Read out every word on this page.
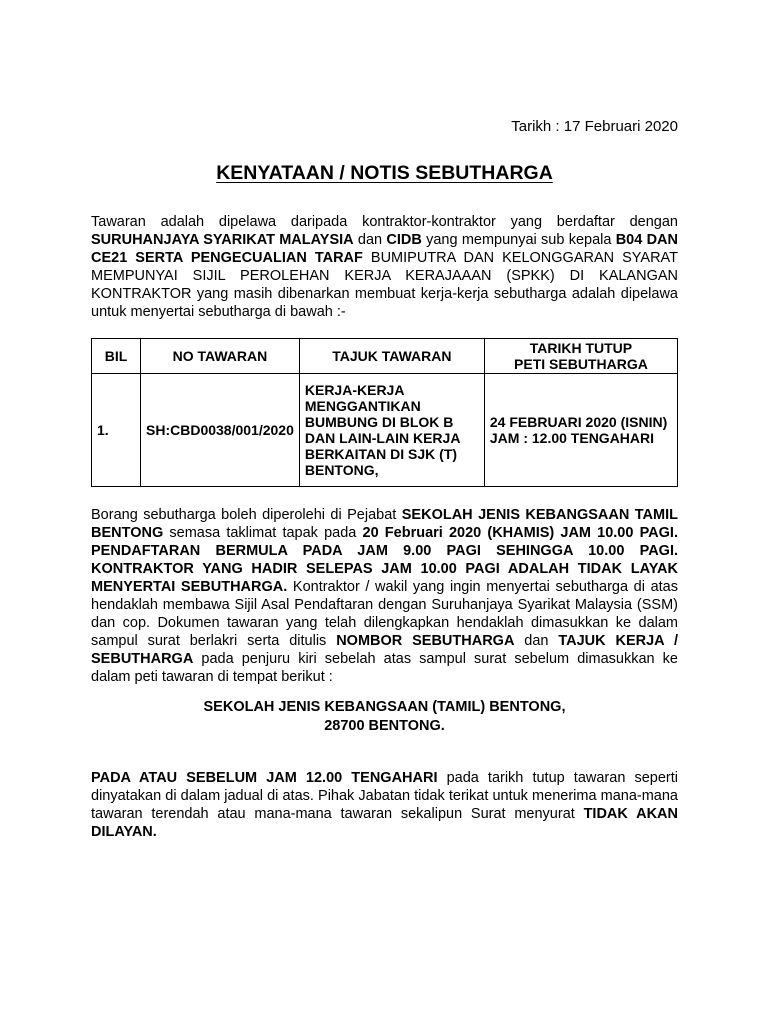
Tarikh : 17 Februari 2020
KENYATAAN / NOTIS SEBUTHARGA

Tawaran adalah dipelawa daripada kontraktor-kontraktor yang berdaftar dengan SURUHANJAYA SYARIKAT MALAYSIA dan CIDB yang mempunyai sub kepala B04 DAN CE21 SERTA PENGECUALIAN TARAF BUMIPUTRA DAN KELONGGARAN SYARAT MEMPUNYAI SIJIL PEROLEHAN KERJA KERAJAAAN (SPKK) DI KALANGAN KONTRAKTOR yang masih dibenarkan membuat kerja-kerja sebutharga adalah dipelawa untuk menyertai sebutharga di bawah :-

BIL	NO TAWARAN	TAJUK TAWARAN	TARIKH TUTUP
PETI SEBUTHARGA

1.	SH:CBD0038/001/2020	KERJA-KERJA MENGGANTIKAN BUMBUNG DI BLOK B DAN LAIN-LAIN KERJA BERKAITAN DI SJK (T) BENTONG,	24 FEBRUARI 2020 (ISNIN)
JAM : 12.00 TENGAHARI

Borang sebutharga boleh diperolehi di Pejabat SEKOLAH JENIS KEBANGSAAN TAMIL BENTONG semasa taklimat tapak pada 20 Februari 2020 (KHAMIS) JAM 10.00 PAGI. PENDAFTARAN BERMULA PADA JAM 9.00 PAGI SEHINGGA 10.00 PAGI. KONTRAKTOR YANG HADIR SELEPAS JAM 10.00 PAGI ADALAH TIDAK LAYAK MENYERTAI SEBUTHARGA. Kontraktor / wakil yang ingin menyertai sebutharga di atas hendaklah membawa Sijil Asal Pendaftaran dengan Suruhanjaya Syarikat Malaysia (SSM) dan cop. Dokumen tawaran yang telah dilengkapkan hendaklah dimasukkan ke dalam sampul surat berlakri serta ditulis NOMBOR SEBUTHARGA dan TAJUK KERJA / SEBUTHARGA pada penjuru kiri sebelah atas sampul surat sebelum dimasukkan ke dalam peti tawaran di tempat berikut :

SEKOLAH JENIS KEBANGSAAN (TAMIL) BENTONG,
28700 BENTONG.

PADA ATAU SEBELUM JAM 12.00 TENGAHARI pada tarikh tutup tawaran seperti dinyatakan di dalam jadual di atas. Pihak Jabatan tidak terikat untuk menerima mana-mana tawaran terendah atau mana-mana tawaran sekalipun Surat menyurat TIDAK AKAN DILAYAN.
